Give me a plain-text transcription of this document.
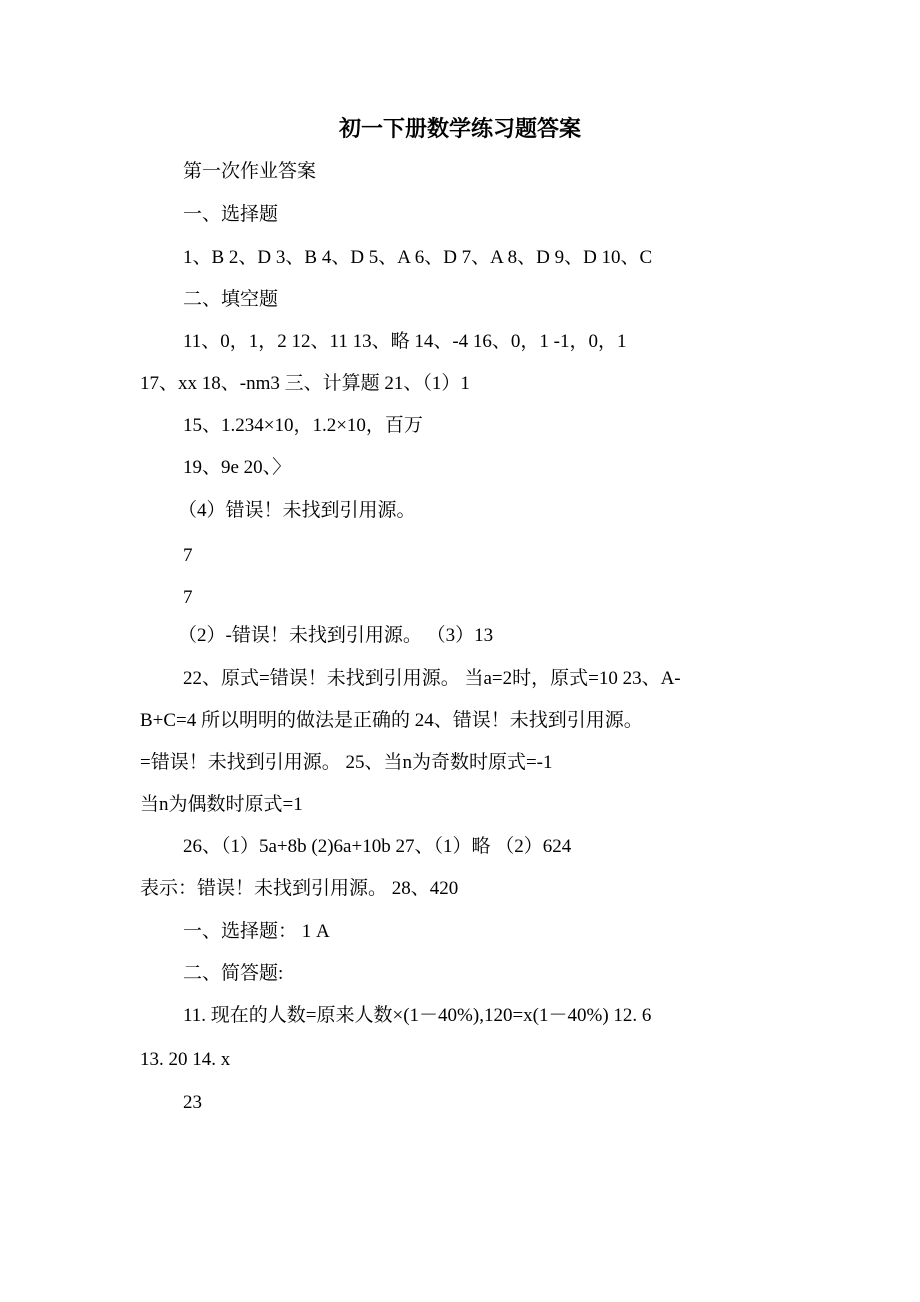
初一下册数学练习题答案
第一次作业答案
一、选择题
1、B 2、D 3、B 4、D 5、A 6、D 7、A 8、D 9、D 10、C
二、填空题
11、0，1，2 12、11 13、略 14、-4 16、0，1 -1，0，1
17、xx 18、-nm3 三、计算题 21、（1）1
15、1.234×10，1.2×10，百万
19、9e 20、〉
（4）错误！未找到引用源。
7
7
（2）-错误！未找到引用源。 （3）13
22、原式=错误！未找到引用源。 当a=2时，原式=10 23、A-
B+C=4 所以明明的做法是正确的 24、错误！未找到引用源。
=错误！未找到引用源。 25、当n为奇数时原式=-1
当n为偶数时原式=1
26、（1）5a+8b (2)6a+10b 27、（1）略 （2）624
表示：错误！未找到引用源。 28、420
一、选择题： 1 A
二、简答题:
11. 现在的人数=原来人数×(1－40%),120=x(1－40%) 12. 6
13. 20 14. x
23
